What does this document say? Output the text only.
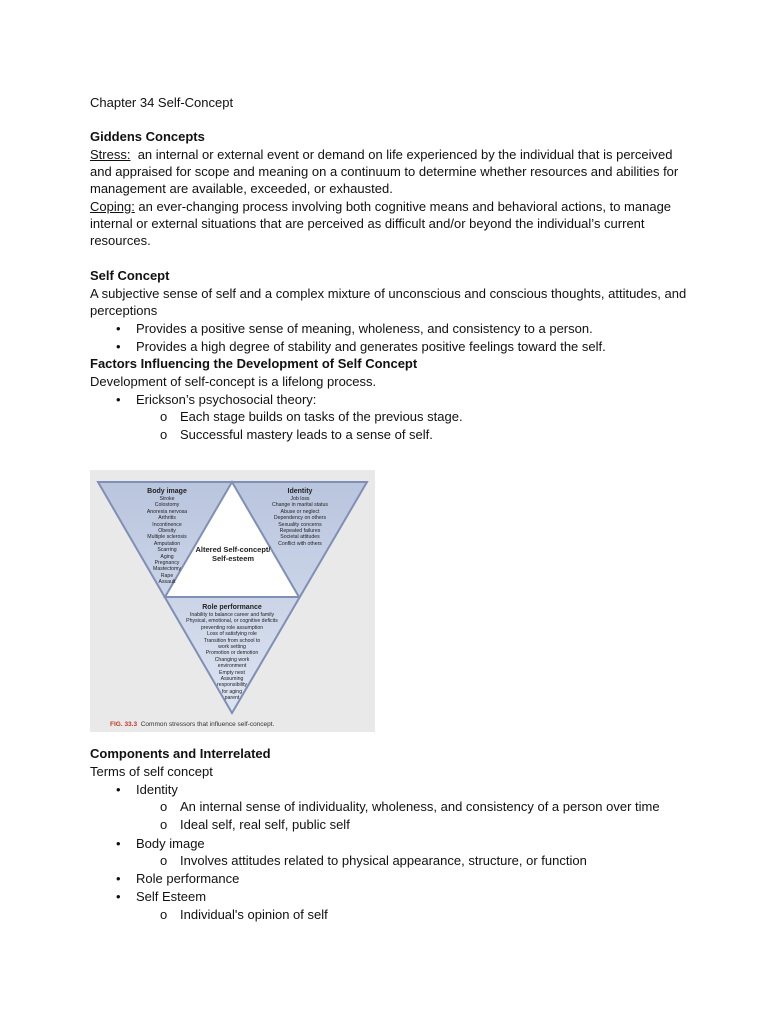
Chapter 34 Self-Concept
Giddens Concepts
Stress:  an internal or external event or demand on life experienced by the individual that is perceived
and appraised for scope and meaning on a continuum to determine whether resources and abilities for
management are available, exceeded, or exhausted.
Coping: an ever-changing process involving both cognitive means and behavioral actions, to manage
internal or external situations that are perceived as difficult and/or beyond the individual’s current
resources.
Self Concept
A subjective sense of self and a complex mixture of unconscious and conscious thoughts, attitudes, and
perceptions
• Provides a positive sense of meaning, wholeness, and consistency to a person.
• Provides a high degree of stability and generates positive feelings toward the self.
Factors Influencing the Development of Self Concept
Development of self-concept is a lifelong process.
• Erickson’s psychosocial theory:
o Each stage builds on tasks of the previous stage.
o Successful mastery leads to a sense of self.
Altered Self-concept/ Self-esteem
Body image
Stroke
Colostomy
Anorexia nervosa
Arthritis
Incontinence
Obesity
Multiple sclerosis
Amputation
Scarring
Aging
Pregnancy
Mastectomy
Rape
Assault
Identity
Job loss
Change in marital status
Abuse or neglect
Dependency on others
Sexuality concerns
Repeated failures
Societal attitudes
Conflict with others
Role performance
Inability to balance career and family
Physical, emotional, or cognitive deficits
preventing role assumption
Loss of satisfying role
Transition from school to
work setting
Promotion or demotion
Changing work
environment
Empty nest
Assuming
responsibility
for aging
parent
FIG. 33.3  Common stressors that influence self-concept.
Components and Interrelated
Terms of self concept
• Identity
o An internal sense of individuality, wholeness, and consistency of a person over time
o Ideal self, real self, public self
• Body image
o Involves attitudes related to physical appearance, structure, or function
• Role performance
• Self Esteem
o Individual's opinion of self
